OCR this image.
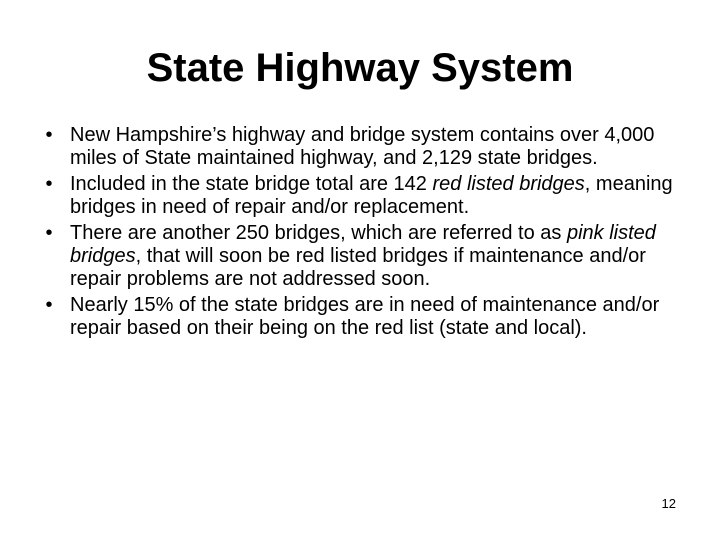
State Highway System
• New Hampshire’s highway and bridge system contains over 4,000 miles of State maintained highway, and 2,129 state bridges.
• Included in the state bridge total are 142 red listed bridges, meaning bridges in need of repair and/or replacement.
• There are another 250 bridges, which are referred to as pink listed bridges, that will soon be red listed bridges if maintenance and/or repair problems are not addressed soon.
• Nearly 15% of the state bridges are in need of maintenance and/or repair based on their being on the red list (state and local).
12
